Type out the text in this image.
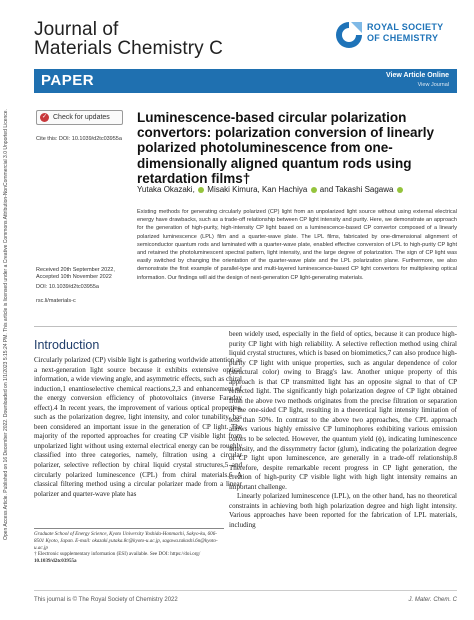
Journal of
Materials Chemistry C
ROYAL SOCIETY
OF CHEMISTRY
PAPER	View Article Online
View Journal
Open Access Article. Published on 16 December 2022. Downloaded on 1/1/2023 5:15:24 PM. This article is licensed under a Creative Commons Attribution-NonCommercial 3.0 Unported Licence.	✓ Check for updates
Cite this: DOI: 10.1039/d2tc03955a
Luminescence-based circular polarization convertors: polarization conversion of linearly polarized photoluminescence from one-dimensionally aligned quantum rods using retardation films†
Yutaka Okazaki, Misaki Kimura, Kan Hachiya and Takashi Sagawa
Existing methods for generating circularly polarized (CP) light from an unpolarized light source without using external electrical energy have drawbacks, such as a trade-off relationship between CP light intensity and purity. Here, we demonstrate an approach for the generation of high-purity, high-intensity CP light based on a luminescence-based CP convertor composed of a linearly polarized luminescence (LPL) film and a quarter-wave plate. The LPL films, fabricated by one-dimensional alignment of semiconductor quantum rods and laminated with a quarter-wave plate, enabled effective conversion of LPL to high-purity CP light and retained the photoluminescent spectral pattern, light intensity, and the large degree of polarization. The sign of CP light was easily switched by changing the orientation of the quarter-wave plate and the LPL polarization plane. Furthermore, we also demonstrate the first example of parallel-type and multi-layered luminescence-based CP light convertors for multiplexing optical information. Our findings will aid the design of next-generation CP light-generating materials.
Received 20th September 2022,
Accepted 10th November 2022
DOI: 10.1039/d2tc03955a
rsc.li/materials-c
Introduction

Circularly polarized (CP) visible light is gathering worldwide attention as a next-generation light source because it exhibits extensive optical information, a wide viewing angle, and asymmetric effects, such as chiral induction,1 enantioselective chemical reactions,2,3 and enhancement of the energy conversion efficiency of photovoltaics (inverse Faraday effect).4 In recent years, the improvement of various optical properties, such as the polarization degree, light intensity, and color tunability, has been considered an important issue in the generation of CP light. The majority of the reported approaches for creating CP visible light from unpolarized light without using external electrical energy can be roughly classified into three categories, namely, filtration using a circular polarizer, selective reflection by chiral liquid crystal structures,5 and circularly polarized luminescence (CPL) from chiral materials.6 A classical filtering method using a circular polarizer made from a linear polarizer and quarter-wave plate has

been widely used, especially in the field of optics, because it can produce high-purity CP light with high reliability. A selective reflection method using chiral liquid crystal structures, which is based on biomimetics,7 can also produce high-purity CP light with unique properties, such as angular dependence of color (structural color) owing to Bragg's law. Another unique property of this approach is that CP transmitted light has an opposite signal to that of CP reflected light. The significantly high polarization degree of CP light obtained from the above two methods originates from the precise filtration or separation of the one-sided CP light, resulting in a theoretical light intensity limitation of less than 50%. In contrast to the above two approaches, the CPL approach allows various highly emissive CP luminophores exhibiting various emission colors to be selected. However, the quantum yield (ϕ), indicating luminescence intensity, and the dissymmetry factor (glum), indicating the polarization degree of CP light upon luminescence, are generally in a trade-off relationship.8 Therefore, despite remarkable recent progress in CP light generation, the creation of high-purity CP visible light with high light intensity remains an important challenge.

Linearly polarized luminescence (LPL), on the other hand, has no theoretical constraints in achieving both high polarization degree and high light intensity. Various approaches have been reported for the fabrication of LPL materials, including

Graduate School of Energy Science, Kyoto University Yoshida-Honmachi, Sakyo-ku, 606-8501 Kyoto, Japan. E-mail: okazaki.yutaka.8c@kyoto-u.ac.jp, sagawa.takashi.6n@kyoto-u.ac.jp
† Electronic supplementary information (ESI) available. See DOI: https://doi.org/
10.1039/d2tc03955a
This journal is © The Royal Society of Chemistry 2022	J. Mater. Chem. C
